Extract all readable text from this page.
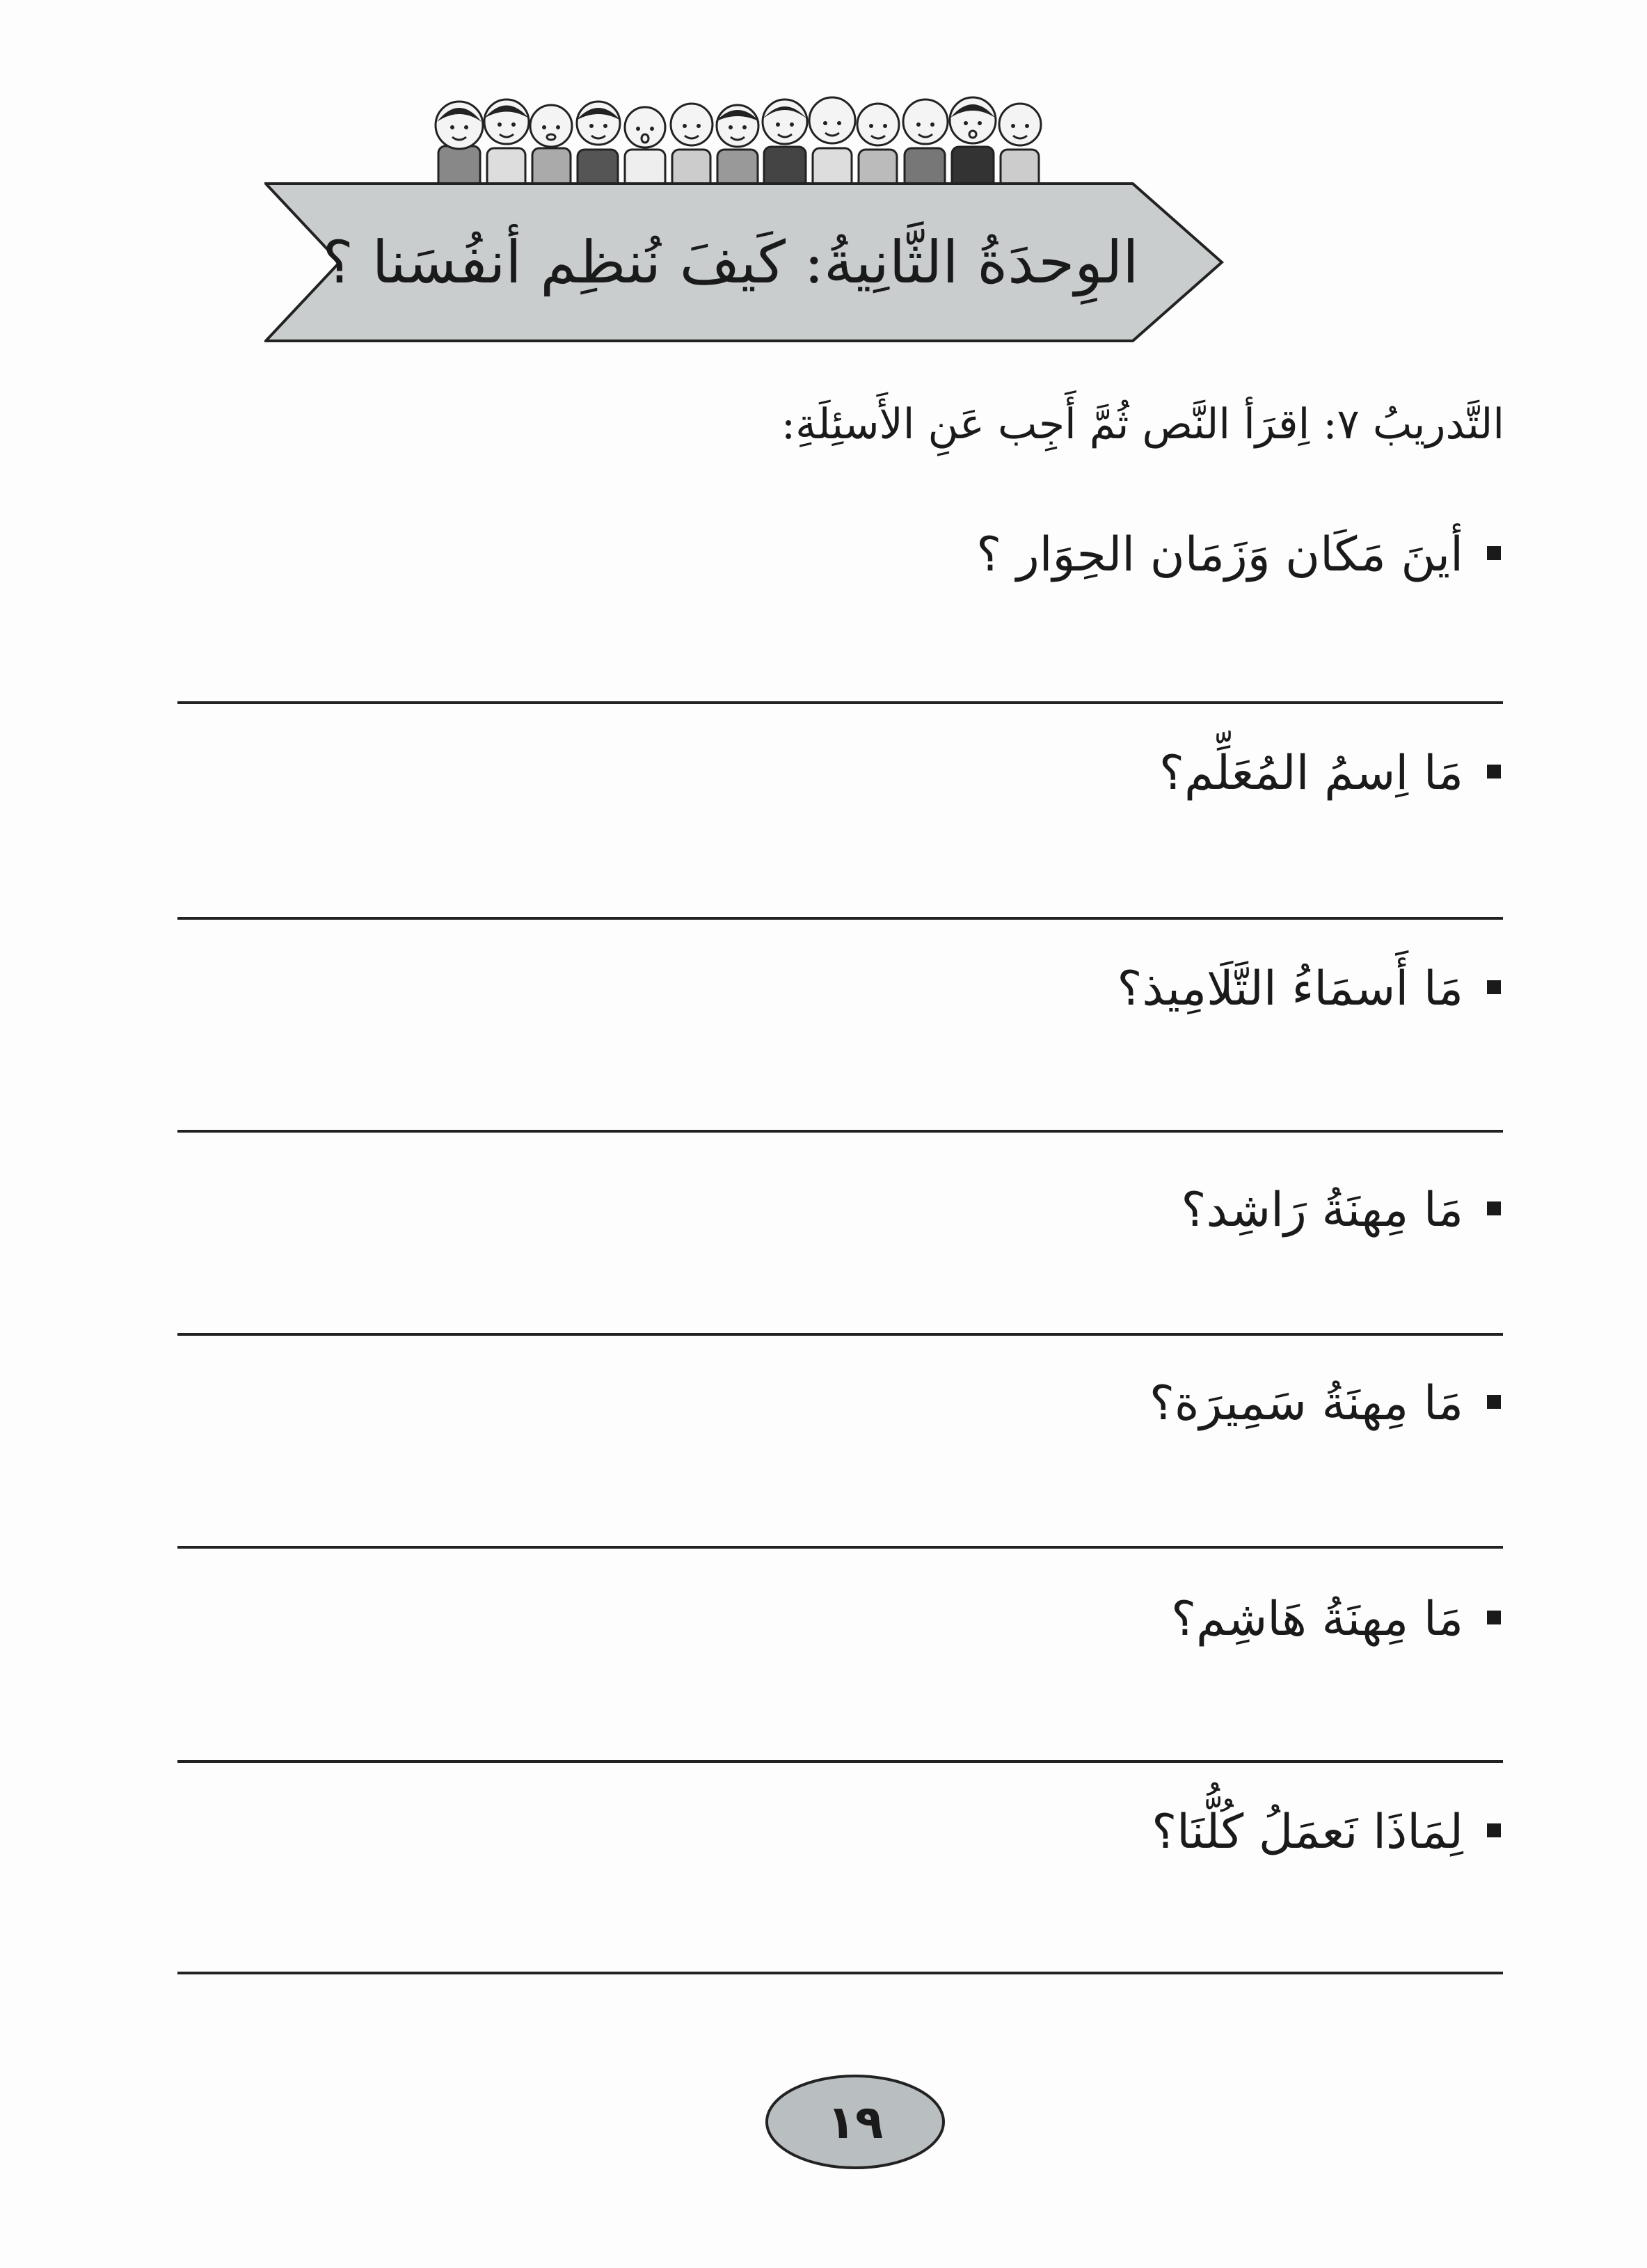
الوِحدَةُ الثَّانِيةُ: كَيفَ نُنظِم أنفُسَنا ؟
التَّدريبُ ٧: اِقرَأ النَّص ثُمَّ أَجِب عَنِ الأَسئِلَةِ:
أينَ مَكَان وَزَمَان الحِوَار ؟
مَا اِسمُ المُعَلِّم؟
مَا أَسمَاءُ التَّلَامِيذ؟
مَا مِهنَةُ رَاشِد؟
مَا مِهنَةُ سَمِيرَة؟
مَا مِهنَةُ هَاشِم؟
لِمَاذَا نَعمَلُ كُلُّنَا؟
١٩
